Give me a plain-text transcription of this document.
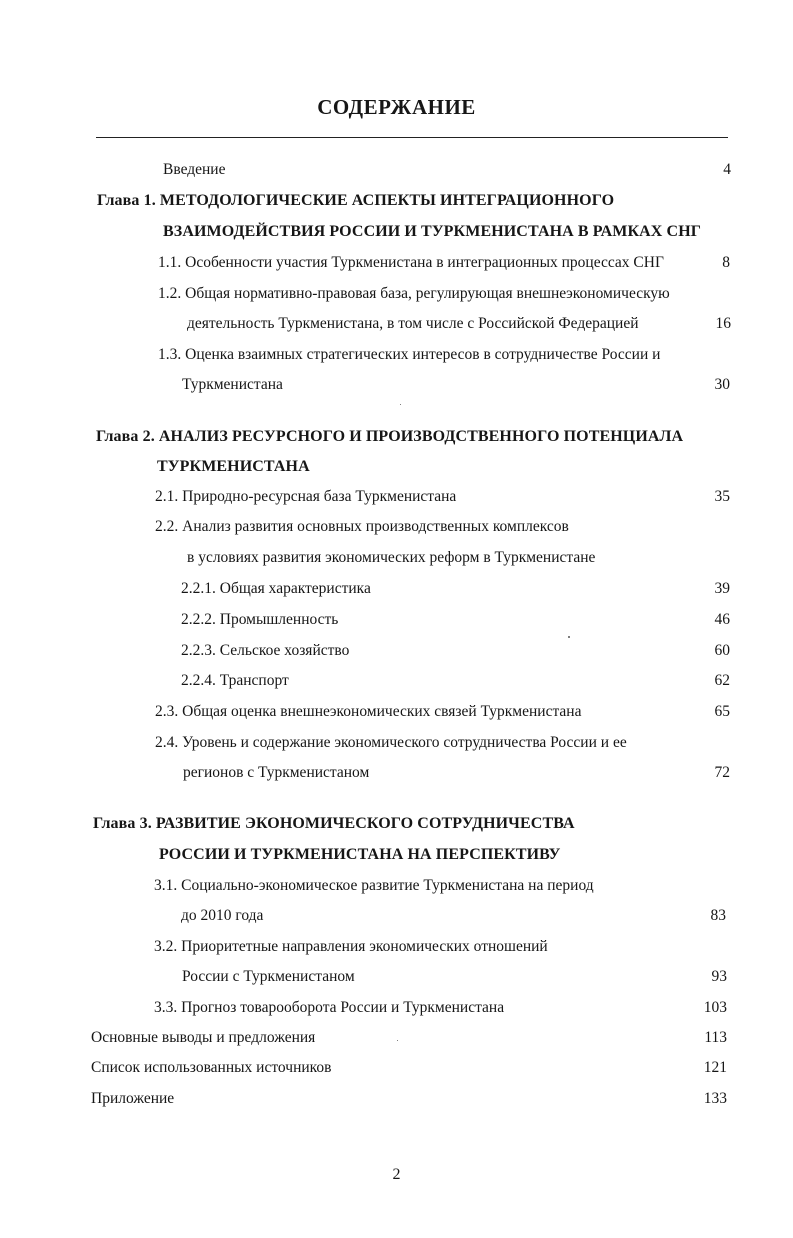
СОДЕРЖАНИЕ
Введение	4
Глава 1. МЕТОДОЛОГИЧЕСКИЕ АСПЕКТЫ ИНТЕГРАЦИОННОГО
ВЗАИМОДЕЙСТВИЯ РОССИИ И ТУРКМЕНИСТАНА В РАМКАХ СНГ
1.1. Особенности участия Туркменистана в интеграционных процессах СНГ	8
1.2. Общая нормативно-правовая база, регулирующая внешнеэкономическую
деятельность Туркменистана, в том числе с Российской Федерацией	16
1.3. Оценка взаимных стратегических интересов в сотрудничестве России и
Туркменистана	30
Глава 2. АНАЛИЗ РЕСУРСНОГО И ПРОИЗВОДСТВЕННОГО ПОТЕНЦИАЛА
ТУРКМЕНИСТАНА
2.1. Природно-ресурсная база Туркменистана	35
2.2. Анализ развития основных производственных комплексов
в условиях развития экономических реформ в Туркменистане
2.2.1. Общая характеристика	39
2.2.2. Промышленность	46
2.2.3. Сельское хозяйство	60
2.2.4. Транспорт	62
2.3. Общая оценка внешнеэкономических связей Туркменистана	65
2.4. Уровень и содержание экономического сотрудничества России и ее
регионов с Туркменистаном	72
Глава 3. РАЗВИТИЕ ЭКОНОМИЧЕСКОГО СОТРУДНИЧЕСТВА
РОССИИ И ТУРКМЕНИСТАНА НА ПЕРСПЕКТИВУ
3.1. Социально-экономическое развитие Туркменистана на период
до 2010 года	83
3.2. Приоритетные направления экономических отношений
России с Туркменистаном	93
3.3. Прогноз товарооборота России и Туркменистана	103
Основные выводы и предложения	113
Список использованных источников	121
Приложение	133
2
